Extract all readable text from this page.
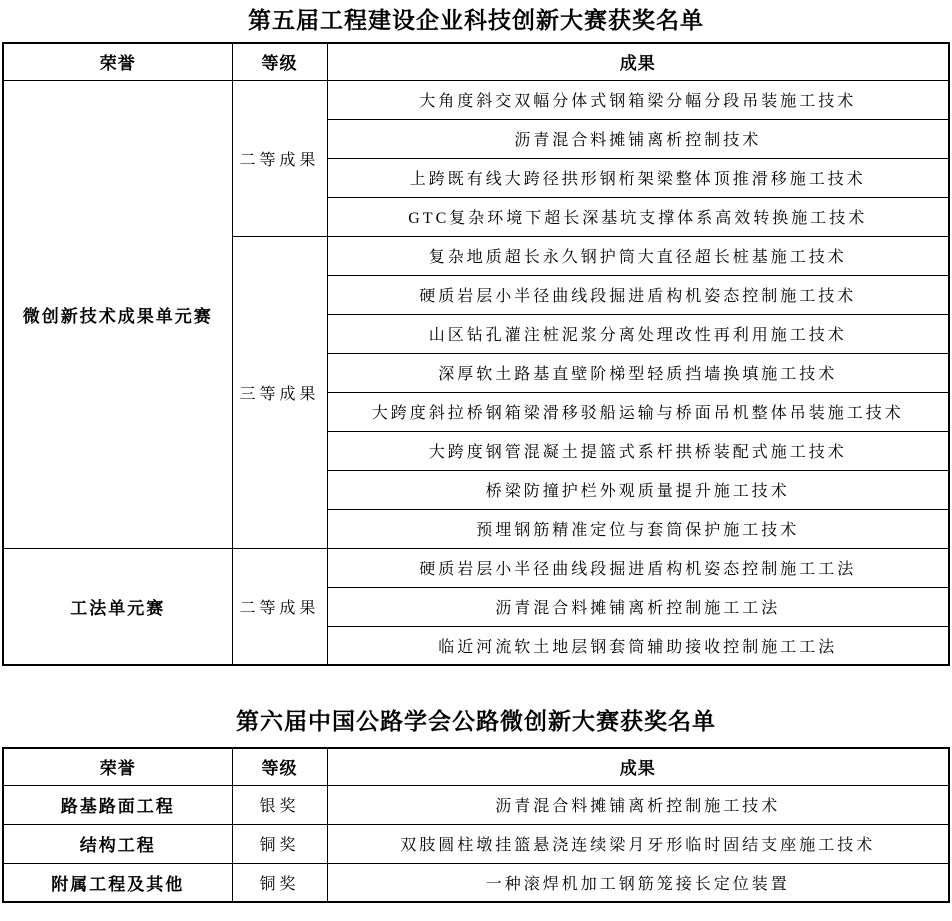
第五届工程建设企业科技创新大赛获奖名单
荣誉	等级	成果
微创新技术成果单元赛	二等成果	大角度斜交双幅分体式钢箱梁分幅分段吊装施工技术
		沥青混合料摊铺离析控制技术
		上跨既有线大跨径拱形钢桁架梁整体顶推滑移施工技术
		GTC复杂环境下超长深基坑支撑体系高效转换施工技术
	三等成果	复杂地质超长永久钢护筒大直径超长桩基施工技术
		硬质岩层小半径曲线段掘进盾构机姿态控制施工技术
		山区钻孔灌注桩泥浆分离处理改性再利用施工技术
		深厚软土路基直壁阶梯型轻质挡墙换填施工技术
		大跨度斜拉桥钢箱梁滑移驳船运输与桥面吊机整体吊装施工技术
		大跨度钢管混凝土提篮式系杆拱桥装配式施工技术
		桥梁防撞护栏外观质量提升施工技术
		预埋钢筋精准定位与套筒保护施工技术
工法单元赛	二等成果	硬质岩层小半径曲线段掘进盾构机姿态控制施工工法
		沥青混合料摊铺离析控制施工工法
		临近河流软土地层钢套筒辅助接收控制施工工法
第六届中国公路学会公路微创新大赛获奖名单
荣誉	等级	成果
路基路面工程	银奖	沥青混合料摊铺离析控制施工技术
结构工程	铜奖	双肢圆柱墩挂篮悬浇连续梁月牙形临时固结支座施工技术
附属工程及其他	铜奖	一种滚焊机加工钢筋笼接长定位装置
